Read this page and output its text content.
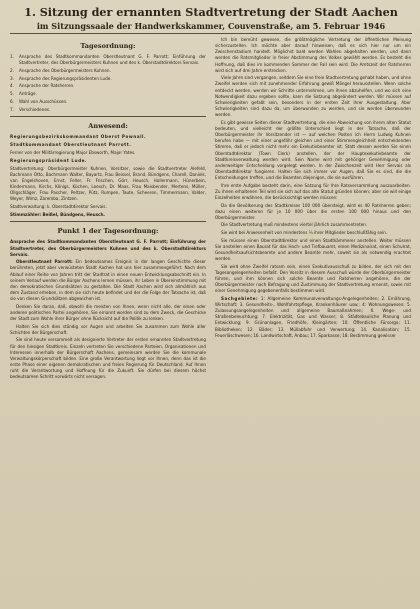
1. Sitzung der ernannten Stadtvertretung der Stadt Aachen
im Sitzungssaale der Handwerkskammer, Couvenstraße, am 5. Februar 1946
Tagesordnung:
1.	Ansprache des Stadtkommandanten Oberstleutnant G. F. Parrott; Einführung der Stadtvertreter, des Oberbürgermeisters Kuhnen und des k. Oberstadtdirektors Servais.
2.	Ansprache des Oberbürgermeisters Kuhnen.
3.	Ansprache des Regierungspräsidenten Lude.
4.	Ansprache der Ratsherren.
5.	Anträge.
6.	Wahl von Ausschüssen.
7.	Verschiedenes.
Anwesend:
Regierungsbezirkskommandant Oberst Pownall.
Stadtkommandant Oberstleutnant Parrott.
Ferner von der Militärregierung Major Ebsworth, Major Yates.
Regierungspräsident Lude.
Stadtvertretung: Oberbürgermeister Kuhnen, Vorsitzer, sowie die Stadtvertreter Alefeld, Bachmann Otto, Bachmann Walter, Bayartz, Frau Beissel, Brand, Bündgens, Charell, Daniels, van Engelshoven, Ernst, Feller, Fr. Frischen, Görr, Heusch, Hollermann, Hünerbein, Kindermann, Kirchs, Königs, Küchen, Loesch, Dr. Maas, Frau Maisbender, Mertens, Müller, Ollgschläger, Frau Pascher, Peltzer, Pütz, Rumpen, Taute, Scheeren, Timmermann, Valder, Weyer, Wimz, Zaremba, Zintzen.
Stadtverwaltung: k. Oberstadtdirektor Servais.
Stimmzähler: Beißel, Bündgens, Heusch.
Punkt 1 der Tagesordnung:

Ansprache des Stadtkommandanten Oberstleutnant G. F. Parrott; Einführung der Stadtvertreter, des Oberbürgermeisters Kuhnen und des k. Oberstadtdirektors Servais.

Oberstleutnant Parrott: Ein bedeutsames Ereignis in der langen Geschichte dieser berühmten, jetzt aber verwüsteten Stadt Aachen hat uns hier zusammengeführt. Nach dem Ablauf einer Reihe von Jahren tritt der Stadtrat in einen neuen Entwicklungsabschnitt ein. In seinem Verlauf werden die Bürger Aachens lernen müssen, ihr Leben in Übereinstimmung mit den demokratischen Grundsätzen zu gestalten. Die Stadt Aachen wird sich allmählich aus dem Zustand erheben, in dem sie sich heute befindet und der die Folge der Tatsache ist, daß sie von diesen Grundsätzen abgewichen ist.

Denken Sie daran, daß, obwohl die meisten von Ihnen, wenn nicht alle, der einen oder anderen politischen Partei angehören, Sie ernannt worden sind zu dem Zweck, die Geschicke der Stadt zum Wohle ihrer Bürger ohne Rücksicht auf die Politik zu lenken.

Halten Sie sich dies ständig vor Augen und arbeiten Sie zusammen zum Wohle aller Schichten der Bürgerschaft.

Sie sind heute versammelt als designierte Vertreter der ersten ernannten Stadtvertretung für den hiesigen Stadtkreis. Einzeln vertreten Sie verschiedene Parteien, Organisationen und Interessen innerhalb der Bürgerschaft Aachens, gemeinsam werden Sie die kommunale Verwaltungskörperschaft bilden. Eine große Verantwortung liegt vor Ihnen, denn das ist die erste Phase einer eigenen demokratischen und freien Regierung für Deutschland. Auf Ihnen ruht die Verantwortung und Hoffnung für die Zukunft. Sie dürfen bei diesem höchst bedeutsamen Schritt vorwärts nicht versagen.

Ich bin bemüht gewesen, die größtmögliche Vertretung der öffentlichen Meinung sicherzustellen. Ich möchte aber darauf hinweisen, daß es sich hier nur um ein Zwischenstadium handelt. Möglichst bald werden Wahlen abgehalten werden, und dann werden die Ratsmitglieder in freier Abstimmung des Volkes gewählt werden. Es besteht die Hoffnung, daß dies im kommenden Sommer der Fall sein wird. Die Amtszeit der Ratsherren wird sich auf drei Jahre erstrecken.

Viele Jahre sind vergangen, seitdem Sie eine freie Stadtvertretung gehabt haben, und ohne Zweifel werden sich mit zunehmender Erfahrung gewiß Mängel herausstellen. Wenn solche entdeckt werden, werden wir Schritte unternehmen, um ihnen abzuhelfen, und wo sich eine Notwendigkeit dazu ergeben sollte, kann die Satzung abgeändert werden. Wir müssen auf Schwierigkeiten gefaßt sein, besonders in der ersten Zeit ihrer Ausgestaltung. Aber Schwierigkeiten sind dazu da, um überwunden zu werden, und sie werden überwunden werden.

Es gibt gewisse Seiten dieser Stadtvertretung, die eine Abweichung von ihrem alten Statut bedeuten, und vielleicht der größte Unterschied liegt in der Tatsache, daß der Oberbürgermeister ihr Vorsitzender ist — auf welchen Posten ich Herrn Ludwig Kuhnen berufen habe — mit einer ungefähr gleichen und einer Stimmengleichheit entscheidenden Stimme, daß er jedoch nicht mehr ein Exekutivbeamter ist. Statt dessen werden Sie einen Oberstadtdirektor (Town Clerk) anstellen, der der Hauptexekutivbeamte der Stadtkreisverwaltung werden wird. Sein Name wird mit gehöriger Genehmigung oder anderweitiger Entscheidung vorgelegt werden. In der Zwischenzeit wird Herr Servais als Oberstadtdirektor fungieren. Halten Sie sich immer vor Augen, daß Sie es sind, die die Entscheidungen treffen, und die Beamten diejenigen, die sie ausführen.

Ihre erste Aufgabe besteht darin, eine Satzung für Ihre Ratsversammlung auszuarbeiten. Zu ihnen erhaltenen Teil wird sie sich auf das alte Statut gründen können; aber sie will einige Einzelheiten erwähnen, die berücksichtigt werden müssen:

Da die Bevölkerung des Stadtkreises 100 000 übersteigt, wird es 40 Ratsherren geben; dazu einen weiteren für je 10 000 über die ersten 100 000 hinaus und den Oberbürgermeister.

Die Stadtvertretung muß mindestens viertel jährlich zusammentreten.

Sie wird bei Anwesenheit von mindestens ⅓ ihrer Mitglieder beschlußfähig sein.

Sie müssen einen Oberstadtdirektor und einen Stadtkämmerer anstellen. Weiter müssen Sie anstellen einen Baurat für das Hoch- und Tiefbauamt, einen Medizinalrat, einen Schulrat, Gesundheitsaufsichtsbeamte und andere Beamte mehr, soweit sie als notwendig erachtet werden.

Sie wird ohne Zweifel ratsam sein, einen Exekutivausschuß zu bilden, der sich mit den Tagesangelegenheiten befaßt. Den Vorsitz in diesem Ausschuß würde der Oberbürgermeister führen, und ihm können sich solche Beamte und Ratsherren angehören, die der Oberbürgermeister nach Befragung und Zustimmung der Stadtvertretung ernennt, sowie mit einer Genehmigung gegebenenfalls bestimmen wird.

Sachgebiete: 1: Allgemeine Kommunalverwaltungs-Angelegenheiten; 2. Ernährung, Wirtschaft; 3. Gesundheits-, Wohlfahrtspflege, Krankenhäuser usw.; 4: Wohnungswesen; 5. Zulassungsangelegenheiten und allgemeine Baumaßnahmen; 6. Wege- und Straßenbeleuchtung; 7. Elektrizität, Gas und Wasser; 8. Städtebauliche Planung und Entwicklung; 9. Grünanlagen, Friedhöfe, Kleingärten; 10. Öffentliche Fürsorge; 11. Bibliotheken; 12. Bäder; 13. Müllabfuhr und Verwertung; 14. Kanalisation; 15. Feuerlöschwesen; 16. Landwirtschaft, Anbau; 17. Sparkasse; 18. Bestimmung gewisser
